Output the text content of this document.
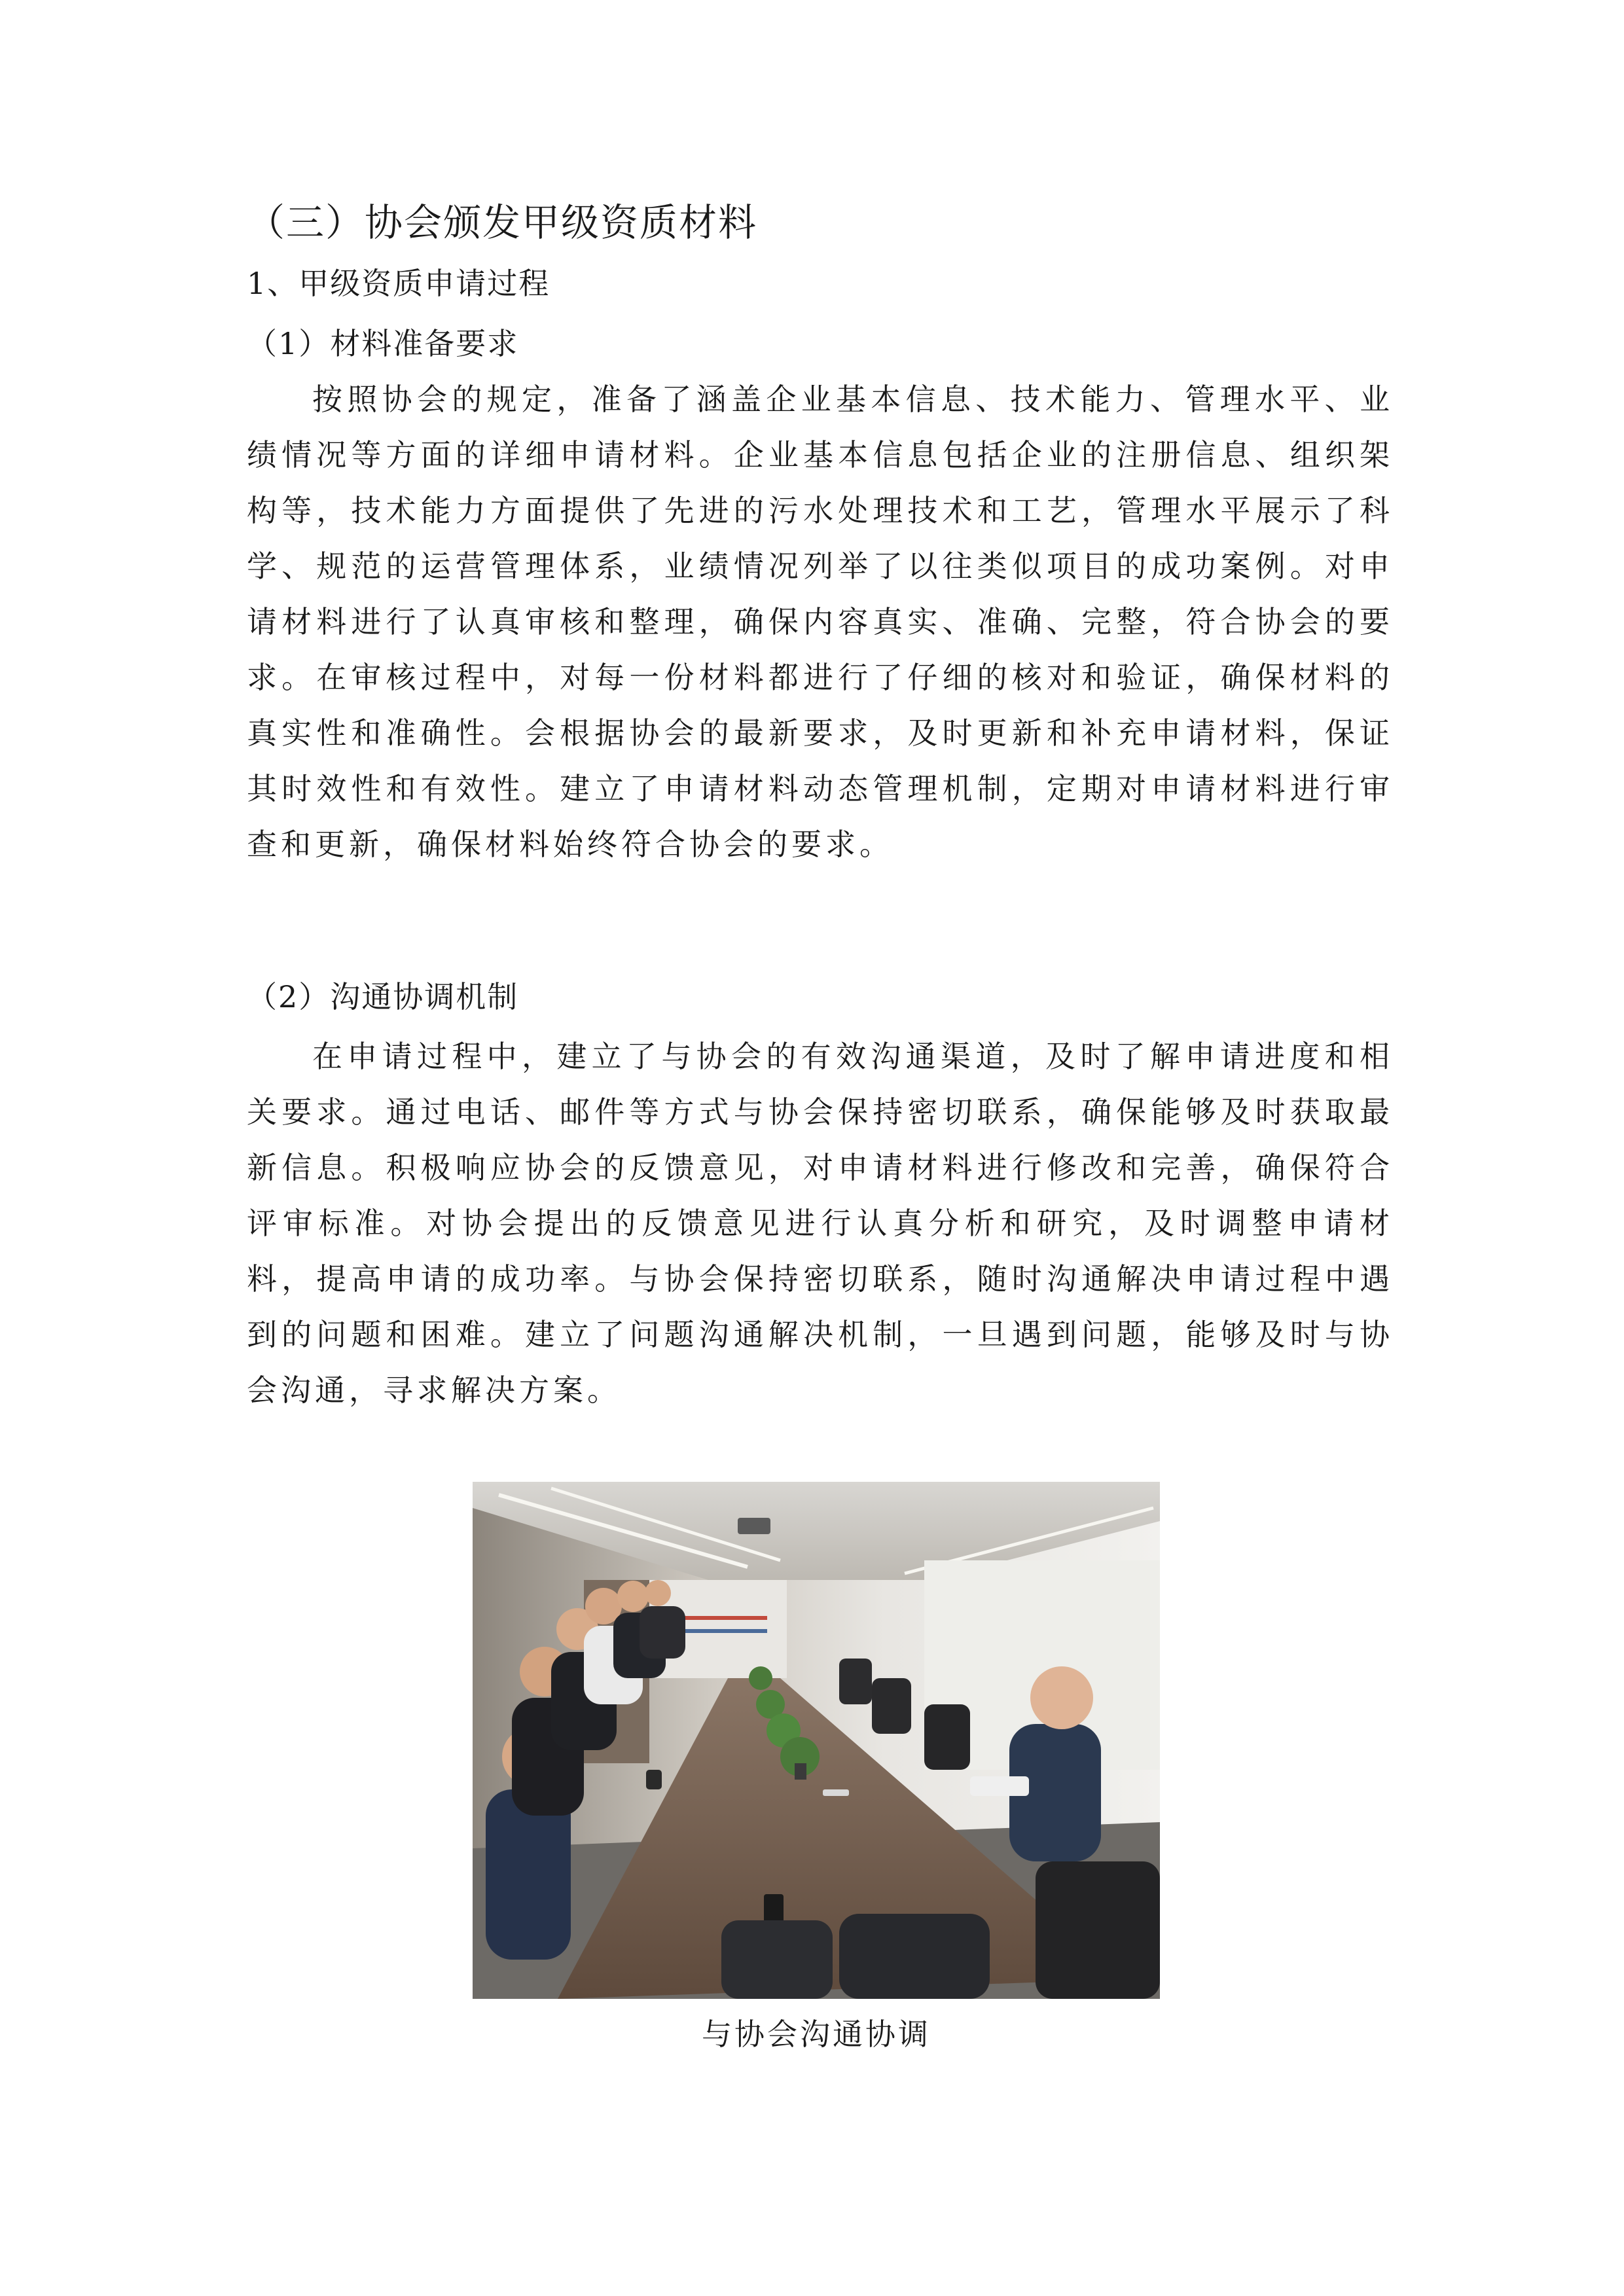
（三）协会颁发甲级资质材料
1、甲级资质申请过程
（1）材料准备要求

按照协会的规定，准备了涵盖企业基本信息、技术能力、管理水平、业绩情况等方面的详细申请材料。企业基本信息包括企业的注册信息、组织架构等，技术能力方面提供了先进的污水处理技术和工艺，管理水平展示了科学、规范的运营管理体系，业绩情况列举了以往类似项目的成功案例。对申请材料进行了认真审核和整理，确保内容真实、准确、完整，符合协会的要求。在审核过程中，对每一份材料都进行了仔细的核对和验证，确保材料的真实性和准确性。会根据协会的最新要求，及时更新和补充申请材料，保证其时效性和有效性。建立了申请材料动态管理机制，定期对申请材料进行审查和更新，确保材料始终符合协会的要求。

（2）沟通协调机制

在申请过程中，建立了与协会的有效沟通渠道，及时了解申请进度和相关要求。通过电话、邮件等方式与协会保持密切联系，确保能够及时获取最新信息。积极响应协会的反馈意见，对申请材料进行修改和完善，确保符合评审标准。对协会提出的反馈意见进行认真分析和研究，及时调整申请材料，提高申请的成功率。与协会保持密切联系，随时沟通解决申请过程中遇到的问题和困难。建立了问题沟通解决机制，一旦遇到问题，能够及时与协会沟通，寻求解决方案。

与协会沟通协调
